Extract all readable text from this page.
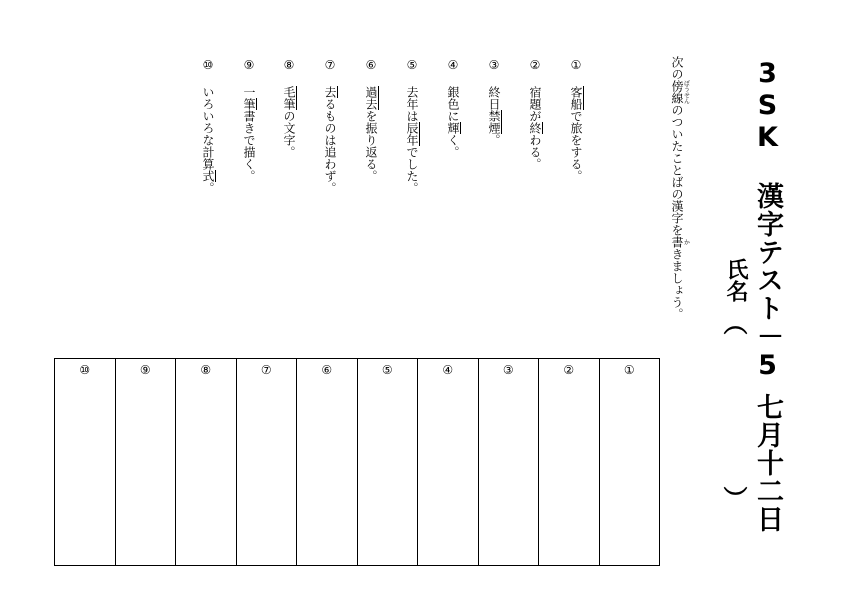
3SK　漢字テスト－5
七月十二日
氏名
（
）
次の傍線ぼうせんのついたことばの漢字を書かきましょう。
①
客船で旅をする。
②
宿題が終わる。
③
終日禁煙。
④
銀色に輝く。
⑤
去年は辰年でした。
⑥
過去を振り返る。
⑦
去るものは追わず。
⑧
毛筆の文字。
⑨
一筆書きで描く。
⑩
いろいろな計算式。
①
②
③
④
⑤
⑥
⑦
⑧
⑨
⑩
